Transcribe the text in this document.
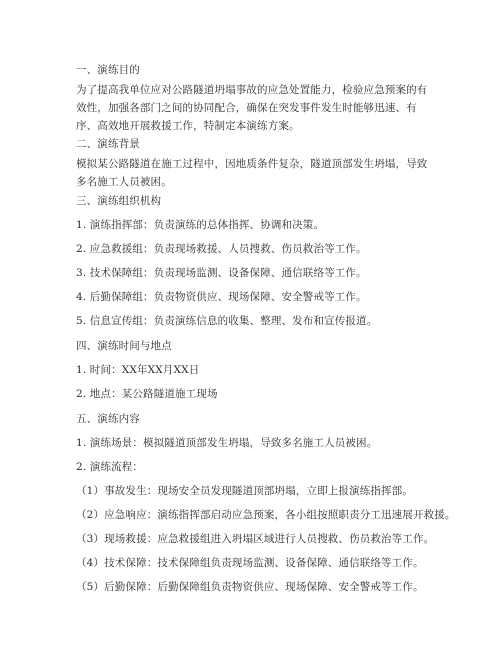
一、演练目的
为了提高我单位应对公路隧道坍塌事故的应急处置能力，检验应急预案的有效性，加强各部门之间的协同配合，确保在突发事件发生时能够迅速、有序、高效地开展救援工作，特制定本演练方案。
二、演练背景
模拟某公路隧道在施工过程中，因地质条件复杂，隧道顶部发生坍塌，导致多名施工人员被困。
三、演练组织机构
1. 演练指挥部：负责演练的总体指挥、协调和决策。
2. 应急救援组：负责现场救援、人员搜救、伤员救治等工作。
3. 技术保障组：负责现场监测、设备保障、通信联络等工作。
4. 后勤保障组：负责物资供应、现场保障、安全警戒等工作。
5. 信息宣传组：负责演练信息的收集、整理、发布和宣传报道。
四、演练时间与地点
1. 时间：XX年XX月XX日
2. 地点：某公路隧道施工现场
五、演练内容
1. 演练场景：模拟隧道顶部发生坍塌，导致多名施工人员被困。
2. 演练流程：
（1）事故发生：现场安全员发现隧道顶部坍塌，立即上报演练指挥部。
（2）应急响应：演练指挥部启动应急预案，各小组按照职责分工迅速展开救援。
（3）现场救援：应急救援组进入坍塌区域进行人员搜救、伤员救治等工作。
（4）技术保障：技术保障组负责现场监测、设备保障、通信联络等工作。
（5）后勤保障：后勤保障组负责物资供应、现场保障、安全警戒等工作。
